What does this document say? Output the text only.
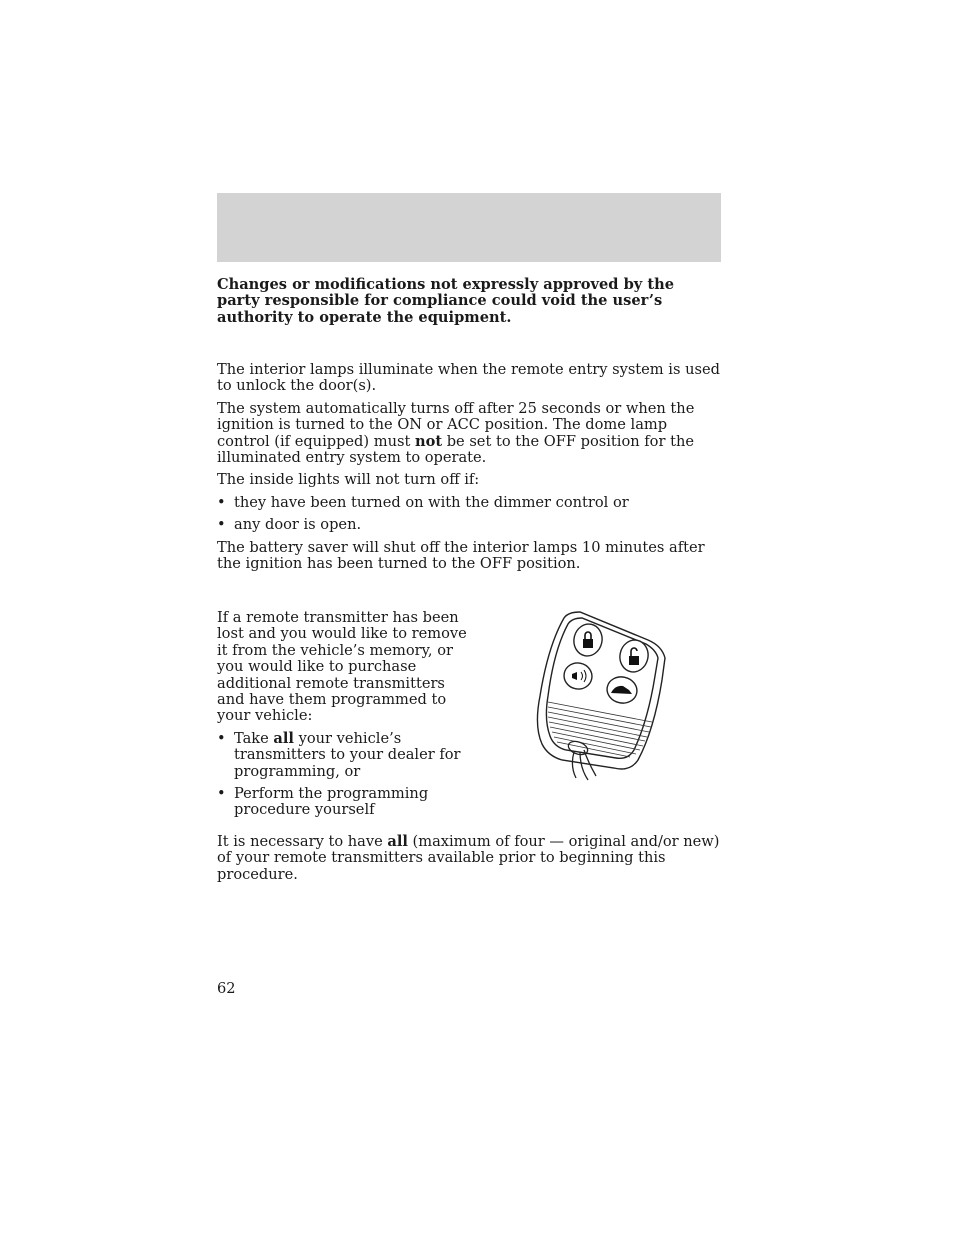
Changes or modifications not expressly approved by the party responsible for compliance could void the user’s authority to operate the equipment.

The interior lamps illuminate when the remote entry system is used to unlock the door(s).

The system automatically turns off after 25 seconds or when the ignition is turned to the ON or ACC position. The dome lamp control (if equipped) must not be set to the OFF position for the illuminated entry system to operate.

The inside lights will not turn off if:

• they have been turned on with the dimmer control or
• any door is open.

The battery saver will shut off the interior lamps 10 minutes after the ignition has been turned to the OFF position.

If a remote transmitter has been lost and you would like to remove it from the vehicle’s memory, or you would like to purchase additional remote transmitters and have them programmed to your vehicle:

• Take all your vehicle’s transmitters to your dealer for programming, or
• Perform the programming procedure yourself

It is necessary to have all (maximum of four — original and/or new) of your remote transmitters available prior to beginning this procedure.

62
